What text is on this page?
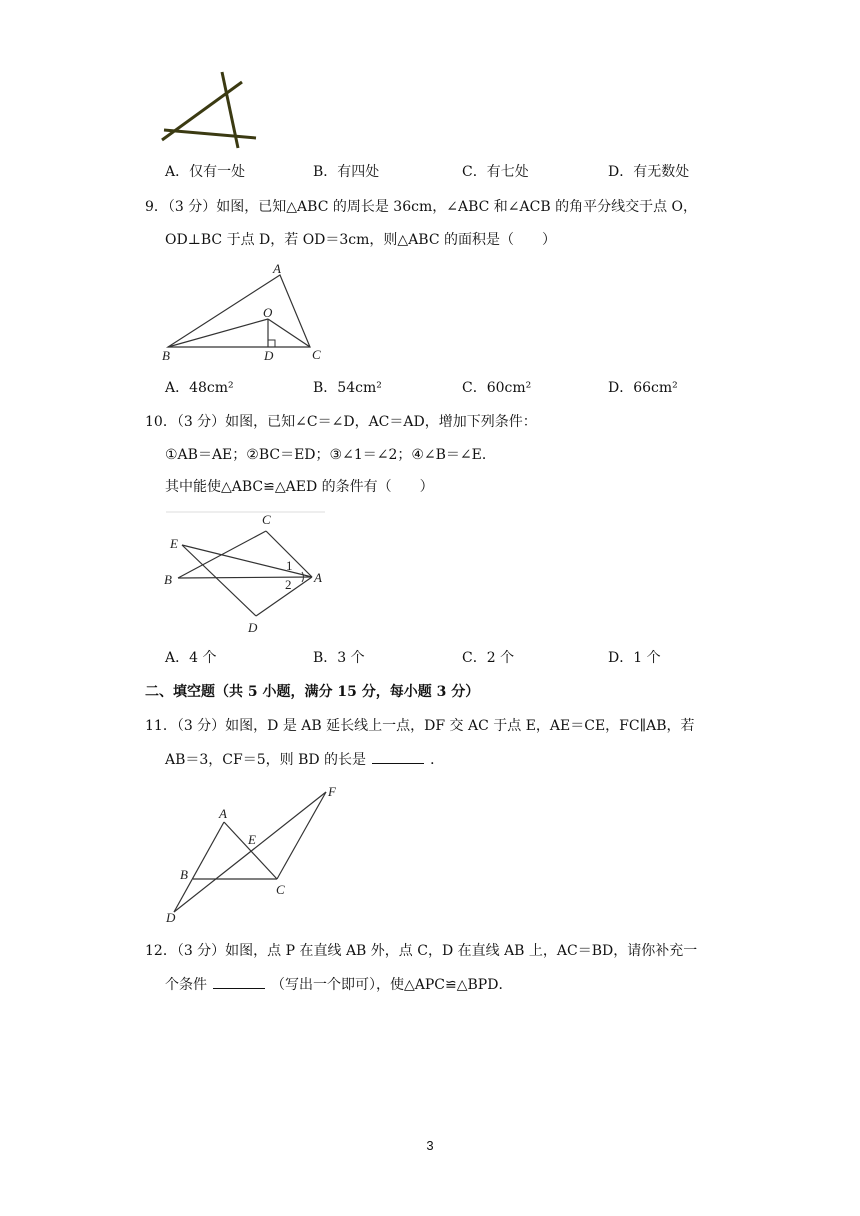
A．仅有一处	B．有四处	C．有七处	D．有无数处
9．（3 分）如图，已知△ABC 的周长是 36cm，∠ABC 和∠ACB 的角平分线交于点 O，
OD⊥BC 于点 D，若 OD＝3cm，则△ABC 的面积是（　　）
A
O
B	D	C
A．48cm²	B．54cm²	C．60cm²	D．66cm²
10．（3 分）如图，已知∠C＝∠D，AC＝AD，增加下列条件：
①AB＝AE；②BC＝ED；③∠1＝∠2；④∠B＝∠E．
其中能使△ABC≌△AED 的条件有（　　）
C
E
B	A
D
1
2
A．4 个	B．3 个	C．2 个	D．1 个
二、填空题（共 5 小题，满分 15 分，每小题 3 分）
11．（3 分）如图，D 是 AB 延长线上一点，DF 交 AC 于点 E，AE＝CE，FC∥AB，若
AB＝3，CF＝5，则 BD 的长是	．
F
A
E
B
C
D
12．（3 分）如图，点 P 在直线 AB 外，点 C，D 在直线 AB 上，AC＝BD，请你补充一
个条件	（写出一个即可），使△APC≌△BPD．
3
